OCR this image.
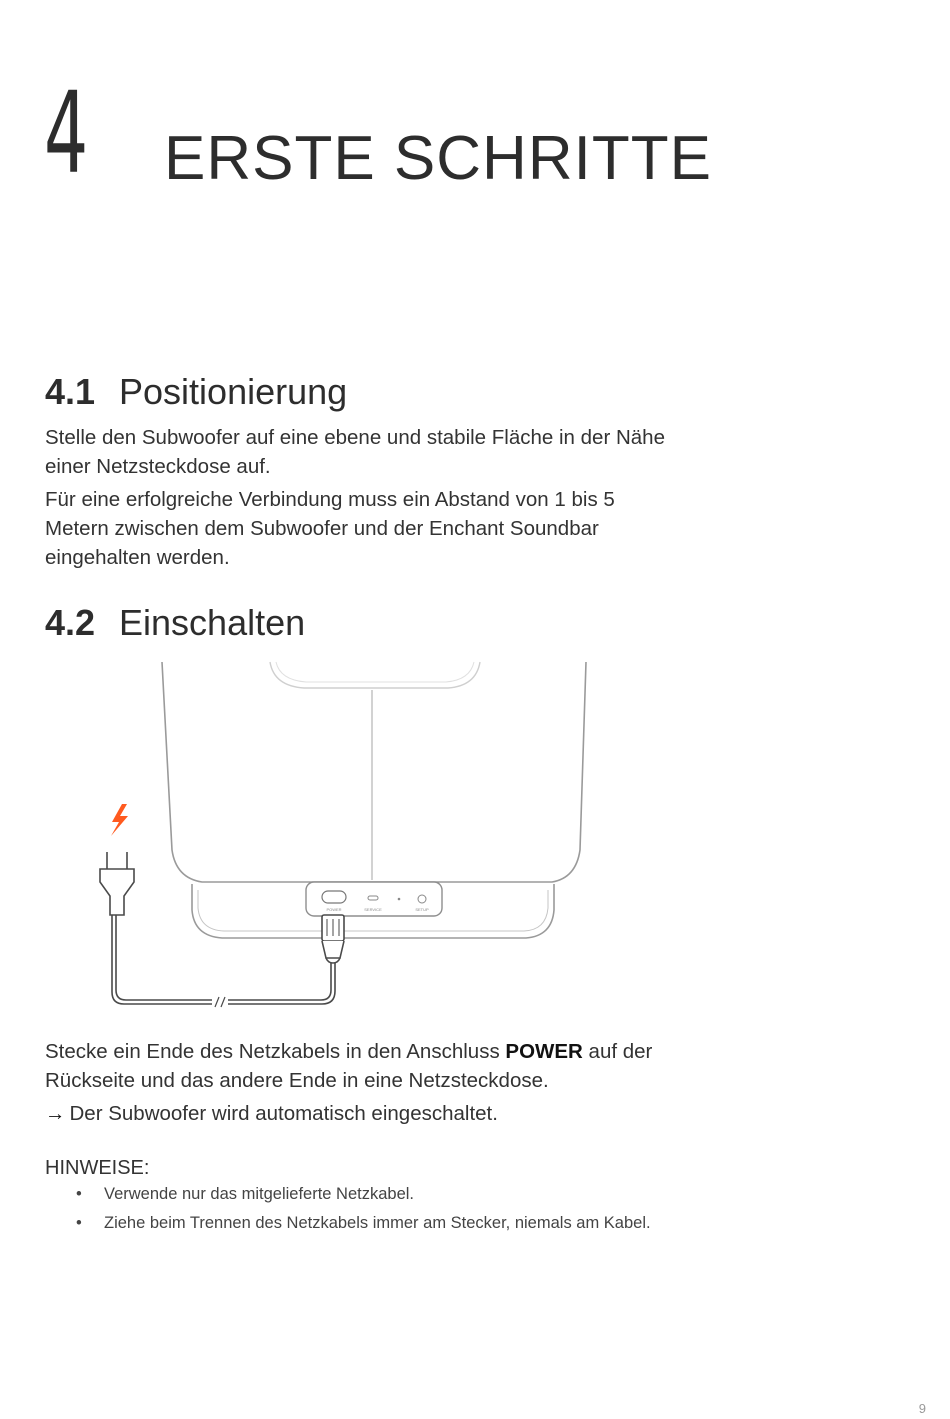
4 ERSTE SCHRITTE
4.1 Positionierung

Stelle den Subwoofer auf eine ebene und stabile Fläche in der Nähe einer Netzsteckdose auf.

Für eine erfolgreiche Verbindung muss ein Abstand von 1 bis 5 Metern zwischen dem Subwoofer und der Enchant Soundbar eingehalten werden.

4.2 Einschalten
POWER	SERVICE	SETUP

Stecke ein Ende des Netzkabels in den Anschluss POWER auf der Rückseite und das andere Ende in eine Netzsteckdose.

→ Der Subwoofer wird automatisch eingeschaltet.

HINWEISE:
• Verwende nur das mitgelieferte Netzkabel.
• Ziehe beim Trennen des Netzkabels immer am Stecker, niemals am Kabel.
9
